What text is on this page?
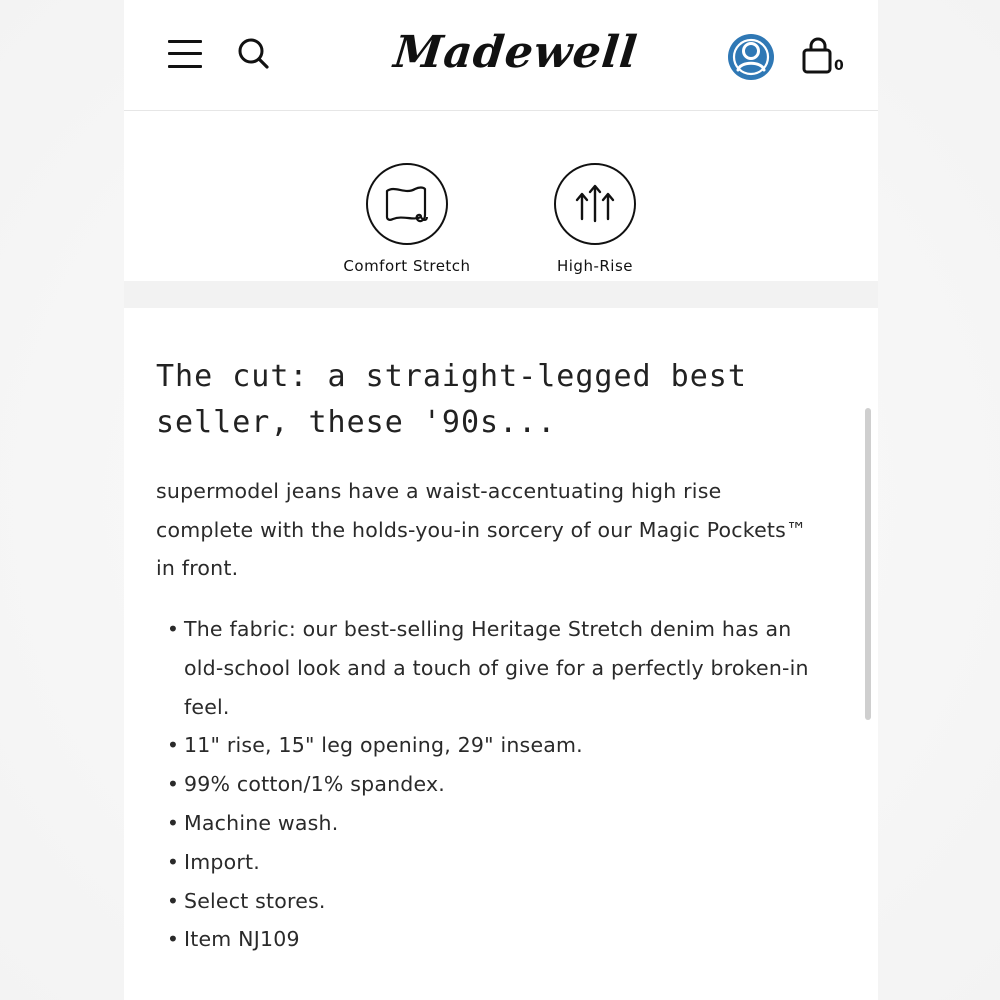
Madewell	0
Comfort Stretch	High-Rise
The cut: a straight-legged best seller, these '90s...

supermodel jeans have a waist-accentuating high rise complete with the holds-you-in sorcery of our Magic Pockets™ in front.

• The fabric: our best-selling Heritage Stretch denim has an old-school look and a touch of give for a perfectly broken-in feel.
• 11" rise, 15" leg opening, 29" inseam.
• 99% cotton/1% spandex.
• Machine wash.
• Import.
• Select stores.
• Item NJ109
